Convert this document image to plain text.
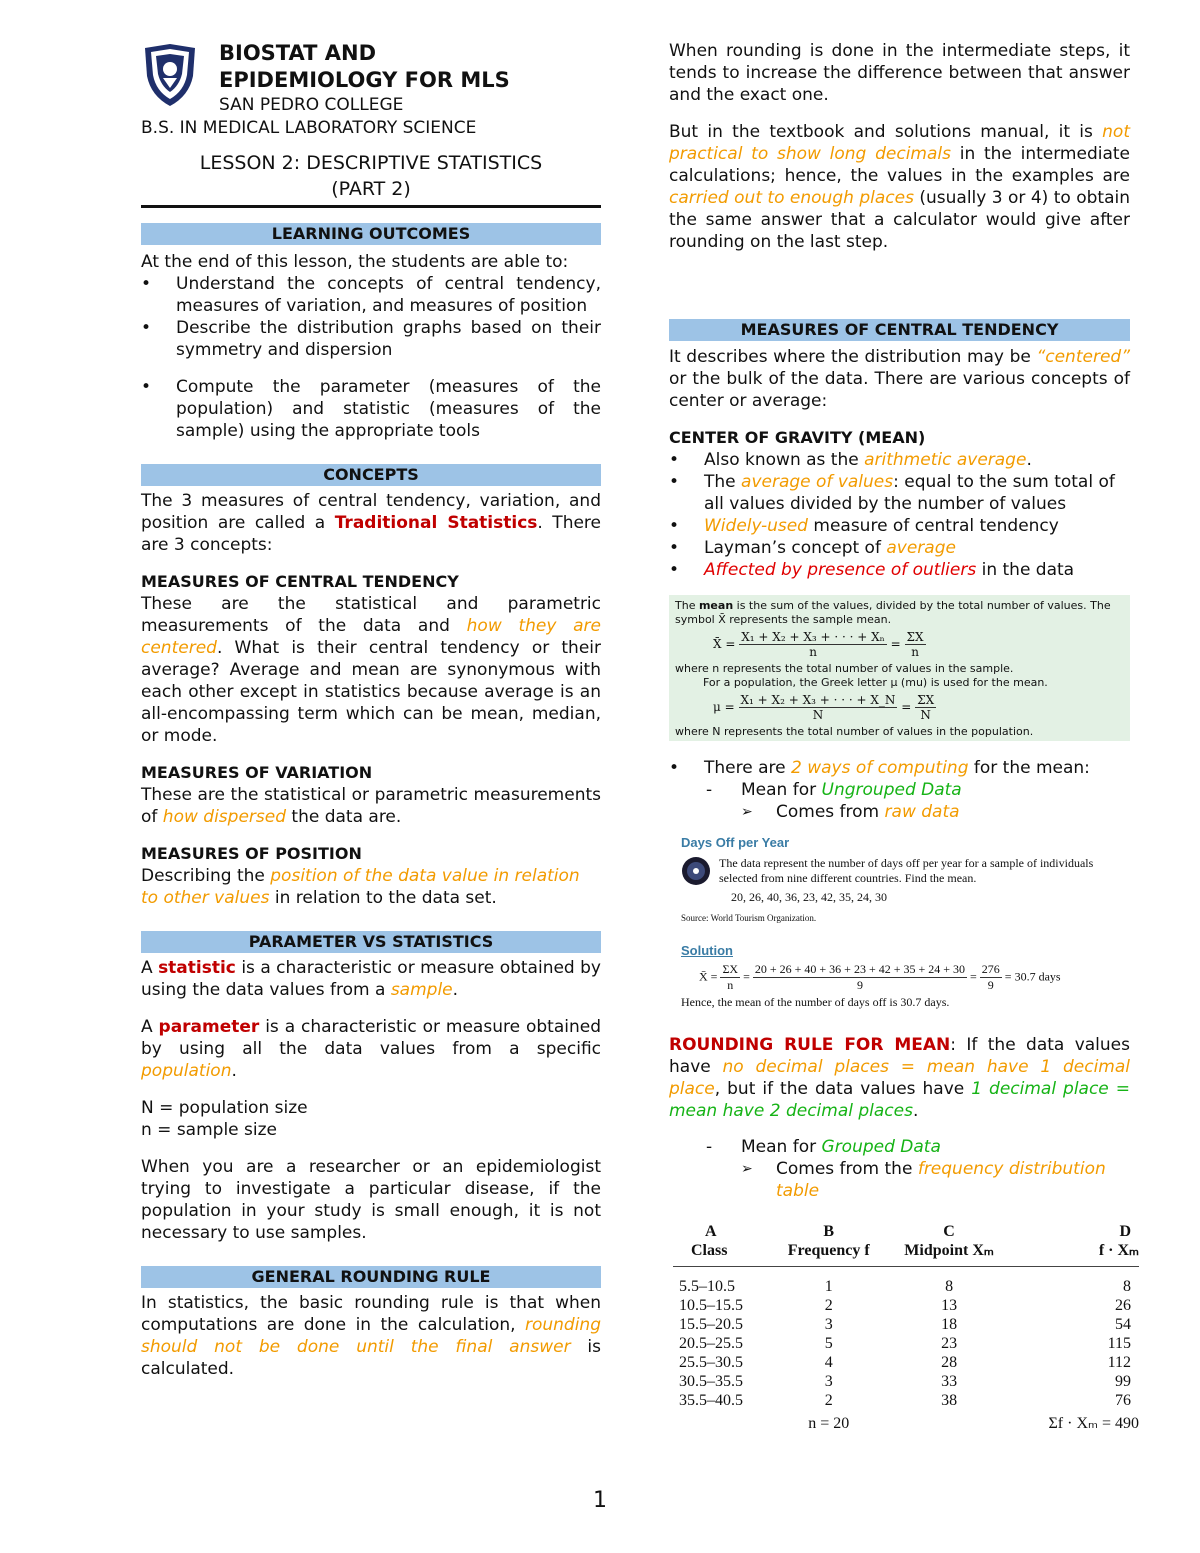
BIOSTAT AND
EPIDEMIOLOGY FOR MLS
SAN PEDRO COLLEGE
B.S. IN MEDICAL LABORATORY SCIENCE
LESSON 2: DESCRIPTIVE STATISTICS
(PART 2)
LEARNING OUTCOMES
At the end of this lesson, the students are able to:
• Understand the concepts of central tendency, measures of variation, and measures of position
• Describe the distribution graphs based on their symmetry and dispersion
• Compute the parameter (measures of the population) and statistic (measures of the sample) using the appropriate tools
CONCEPTS
The 3 measures of central tendency, variation, and position are called a Traditional Statistics. There are 3 concepts:
MEASURES OF CENTRAL TENDENCY
These are the statistical and parametric measurements of the data and how they are centered. What is their central tendency or their average? Average and mean are synonymous with each other except in statistics because average is an all-encompassing term which can be mean, median, or mode.
MEASURES OF VARIATION
These are the statistical or parametric measurements of how dispersed the data are.
MEASURES OF POSITION
Describing the position of the data value in relation to other values in relation to the data set.
PARAMETER VS STATISTICS
A statistic is a characteristic or measure obtained by using the data values from a sample.
A parameter is a characteristic or measure obtained by using all the data values from a specific population.
N = population size
n = sample size
When you are a researcher or an epidemiologist trying to investigate a particular disease, if the population in your study is small enough, it is not necessary to use samples.
GENERAL ROUNDING RULE
In statistics, the basic rounding rule is that when computations are done in the calculation, rounding should not be done until the final answer is calculated.
When rounding is done in the intermediate steps, it tends to increase the difference between that answer and the exact one.
But in the textbook and solutions manual, it is not practical to show long decimals in the intermediate calculations; hence, the values in the examples are carried out to enough places (usually 3 or 4) to obtain the same answer that a calculator would give after rounding on the last step.
MEASURES OF CENTRAL TENDENCY
It describes where the distribution may be “centered” or the bulk of the data. There are various concepts of center or average:
CENTER OF GRAVITY (MEAN)
• Also known as the arithmetic average.
• The average of values: equal to the sum total of all values divided by the number of values
• Widely-used measure of central tendency
• Layman’s concept of average
• Affected by presence of outliers in the data
The mean is the sum of the values, divided by the total number of values. The symbol X̄ represents the sample mean.
X̄ = $\frac{\text{X₁ + X₂ + X₃ + · · · + Xₙ}}{n} = \frac{\Sigma X}{n}$
where n represents the total number of values in the sample.
For a population, the Greek letter μ (mu) is used for the mean.
$\mu = \frac{\text{X₁ + X₂ + X₃ + · · · + X\_N}}{N} = \frac{\Sigma X}{N}$
where N represents the total number of values in the population.
• There are 2 ways of computing for the mean:
- Mean for Ungrouped Data
➢ Comes from raw data
Days Off per Year
The data represent the number of days off per year for a sample of individuals selected from nine different countries. Find the mean.
20, 26, 40, 36, 23, 42, 35, 24, 30
Source: World Tourism Organization.
Solution
X̄ = $\frac{\Sigma X}{n} = \frac{20 + 26 + 40 + 36 + 23 + 42 + 35 + 24 + 30}{9} = \frac{276}{9} = 30.7$ days
Hence, the mean of the number of days off is 30.7 days.
ROUNDING RULE FOR MEAN: If the data values have no decimal places = mean have 1 decimal place, but if the data values have 1 decimal place = mean have 2 decimal places.
- Mean for Grouped Data
➢ Comes from the frequency distribution table
A	B	C	D
Class	Frequency f	Midpoint Xₘ	f · Xₘ
5.5–10.5	1	8	8
10.5–15.5	2	13	26
15.5–20.5	3	18	54
20.5–25.5	5	23	115
25.5–30.5	4	28	112
30.5–35.5	3	33	99
35.5–40.5	2	38	76
	n = 20		Σf · Xₘ = 490
1
